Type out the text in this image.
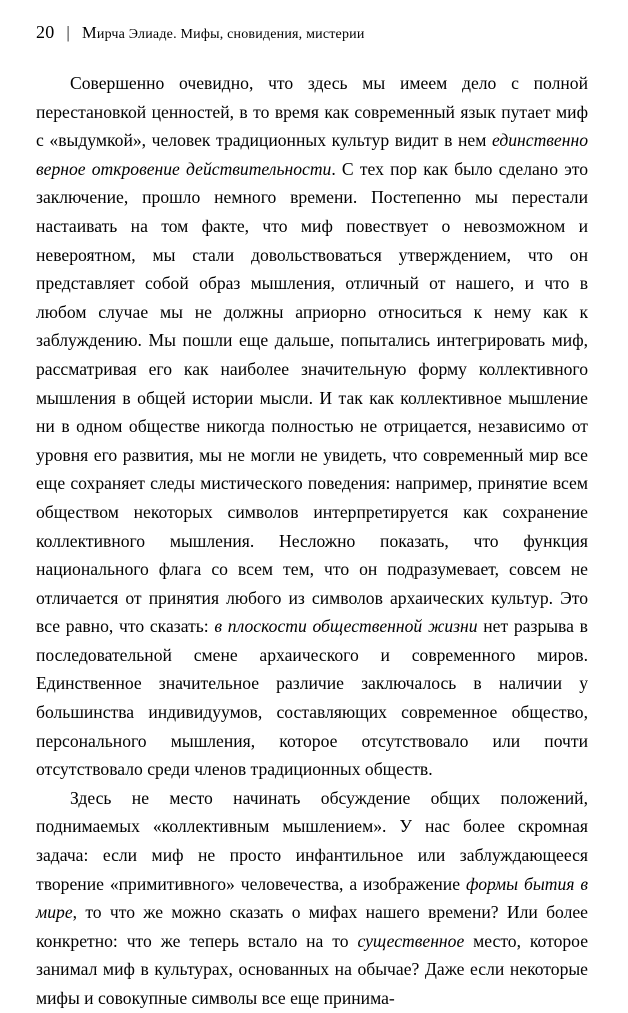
20 | Мирча Элиаде. Мифы, сновидения, мистерии

Совершенно очевидно, что здесь мы имеем дело с полной перестановкой ценностей, в то время как современный язык путает миф с «выдумкой», человек традиционных культур видит в нем единственно верное откровение действительности. С тех пор как было сделано это заключение, прошло немного времени. Постепенно мы перестали настаивать на том факте, что миф повествует о невозможном и невероятном, мы стали довольствоваться утверждением, что он представляет собой образ мышления, отличный от нашего, и что в любом случае мы не должны априорно относиться к нему как к заблуждению. Мы пошли еще дальше, попытались интегрировать миф, рассматривая его как наиболее значительную форму коллективного мышления в общей истории мысли. И так как коллективное мышление ни в одном обществе никогда полностью не отрицается, независимо от уровня его развития, мы не могли не увидеть, что современный мир все еще сохраняет следы мистического поведения: например, принятие всем обществом некоторых символов интерпретируется как сохранение коллективного мышления. Несложно показать, что функция национального флага со всем тем, что он подразумевает, совсем не отличается от принятия любого из символов архаических культур. Это все равно, что сказать: в плоскости общественной жизни нет разрыва в последовательной смене архаического и современного миров. Единственное значительное различие заключалось в наличии у большинства индивидуумов, составляющих современное общество, персонального мышления, которое отсутствовало или почти отсутствовало среди членов традиционных обществ.

Здесь не место начинать обсуждение общих положений, поднимаемых «коллективным мышлением». У нас более скромная задача: если миф не просто инфантильное или заблуждающееся творение «примитивного» человечества, а изображение формы бытия в мире, то что же можно сказать о мифах нашего времени? Или более конкретно: что же теперь встало на то существенное место, которое занимал миф в культурах, основанных на обычае? Даже если некоторые мифы и совокупные символы все еще принима-
